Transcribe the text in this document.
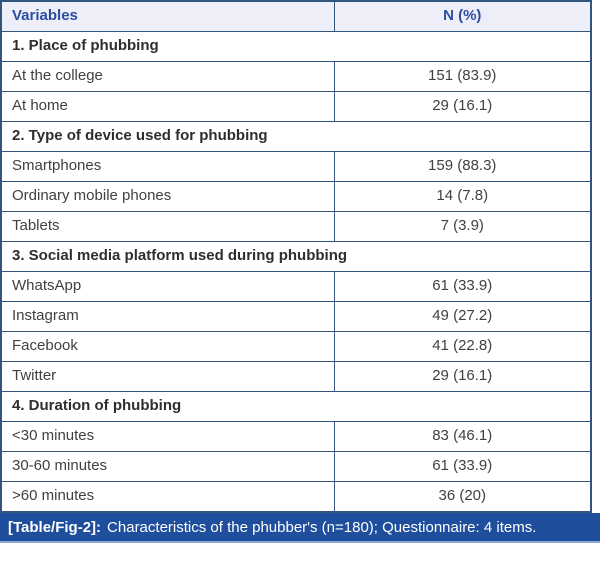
Variables	N (%)
1. Place of phubbing	
At the college	151 (83.9)
At home	29 (16.1)
2. Type of device used for phubbing	
Smartphones	159 (88.3)
Ordinary mobile phones	14 (7.8)
Tablets	7 (3.9)
3. Social media platform used during phubbing	
WhatsApp	61 (33.9)
Instagram	49 (27.2)
Facebook	41 (22.8)
Twitter	29 (16.1)
4. Duration of phubbing	
<30 minutes	83 (46.1)
30-60 minutes	61 (33.9)
>60 minutes	36 (20)
[Table/Fig-2]: Characteristics of the phubber's (n=180); Questionnaire: 4 items.
